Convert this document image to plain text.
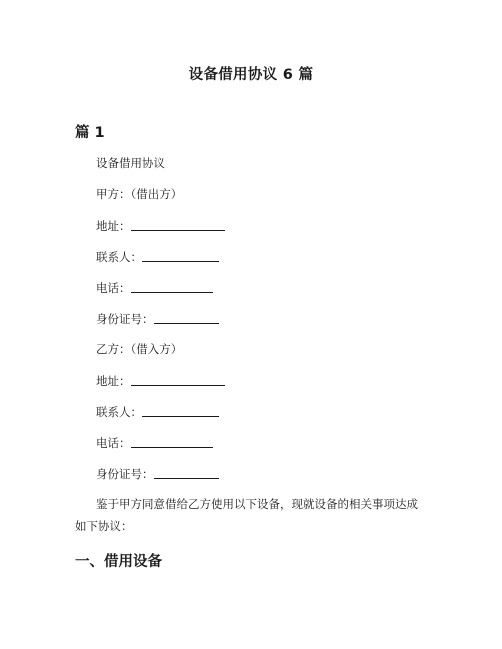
设备借用协议 6 篇
篇 1

设备借用协议

甲方：（借出方）

地址：

联系人：

电话：

身份证号：

乙方：（借入方）

地址：

联系人：

电话：

身份证号：

鉴于甲方同意借给乙方使用以下设备，现就设备的相关事项达成

如下协议：

一、借用设备
